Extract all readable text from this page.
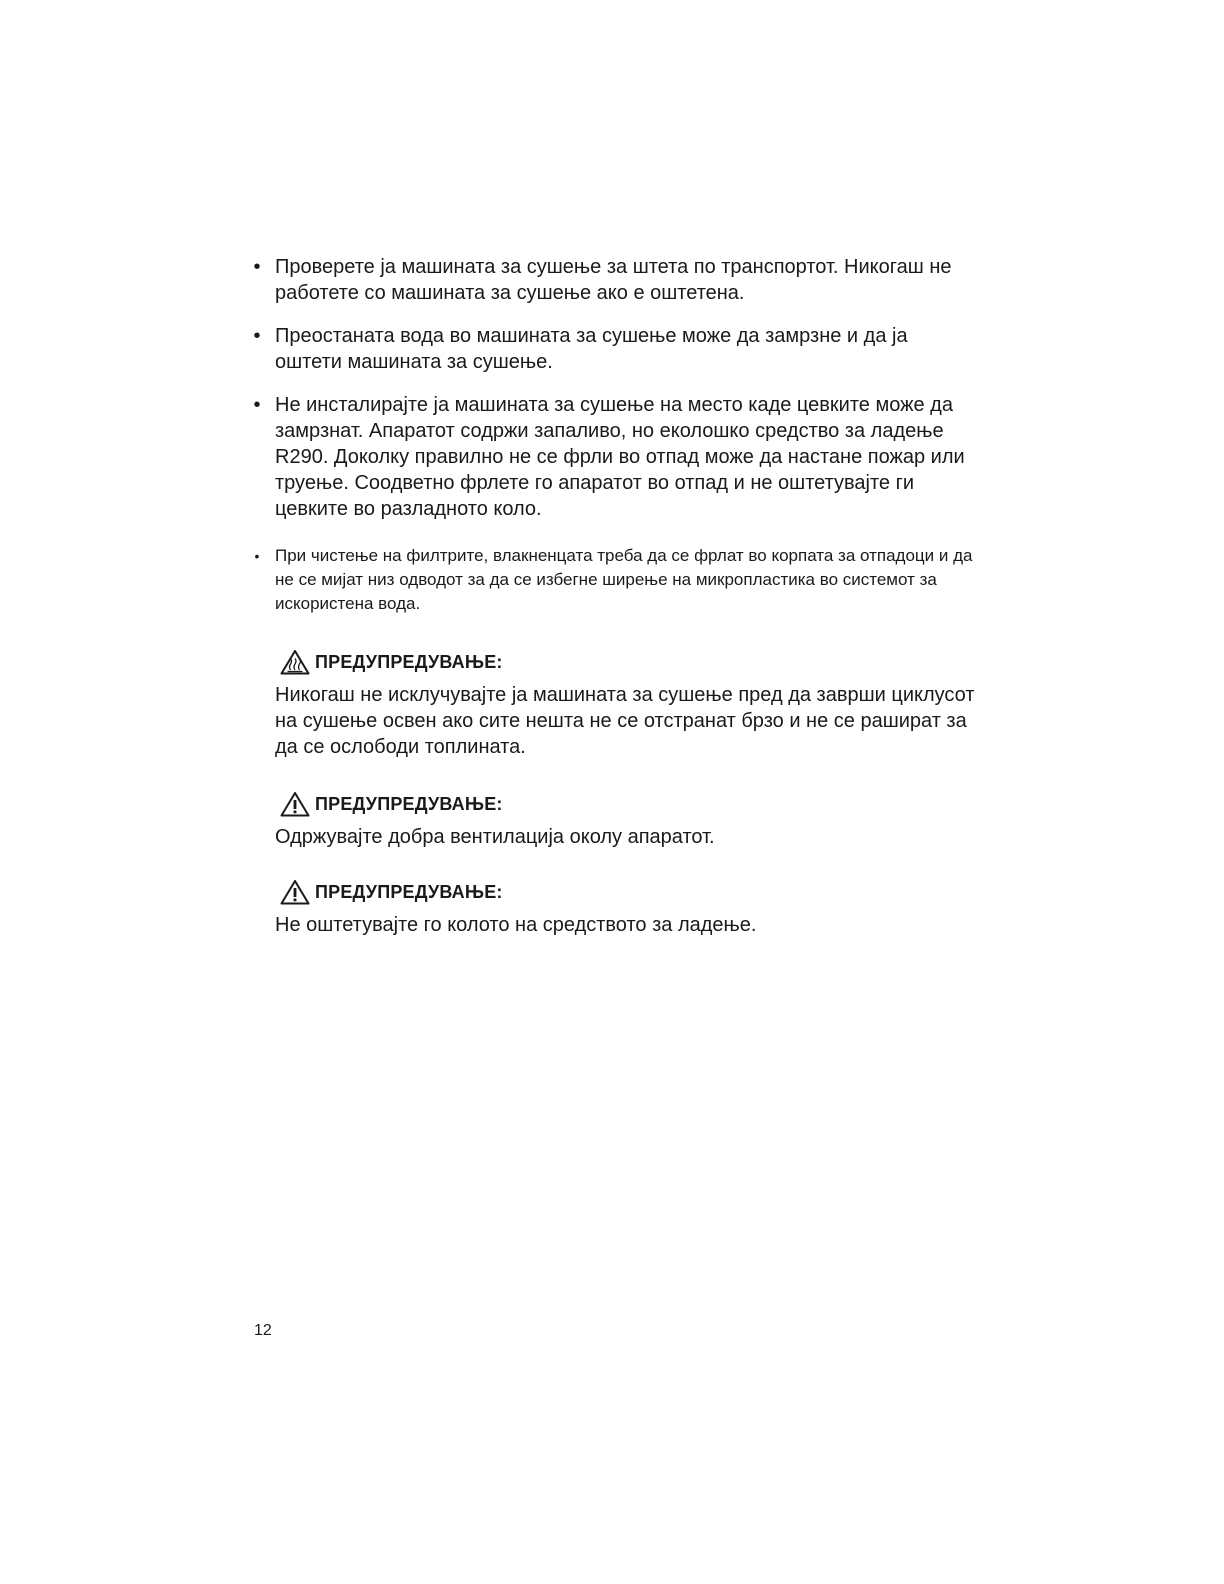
• Проверете ја машината за сушење за штета по транспортот. Никогаш не работете со машината за сушење ако е оштетена.
• Преостаната вода во машината за сушење може да замрзне и да ја оштети машината за сушење.
• Не инсталирајте ја машината за сушење на место каде цевките може да замрзнат. Апаратот содржи запаливо, но еколошко средство за ладење R290. Доколку правилно не се фрли во отпад може да настане пожар или труење. Соодветно фрлете го апаратот во отпад и не оштетувајте ги цевките во разладното коло.
• При чистење на филтрите, влакненцата треба да се фрлат во корпата за отпадоци и да не се мијат низ одводот за да се избегне ширење на микропластика во системот за искористена вода.
ПРЕДУПРЕДУВАЊЕ:
Никогаш не исклучувајте ја машината за сушење пред да заврши циклусот на сушење освен ако сите нешта не се отстранат брзо и не се рашират за да се ослободи топлината.
ПРЕДУПРЕДУВАЊЕ:
Одржувајте добра вентилација околу апаратот.
ПРЕДУПРЕДУВАЊЕ:
Не оштетувајте го колото на средството за ладење.
12
